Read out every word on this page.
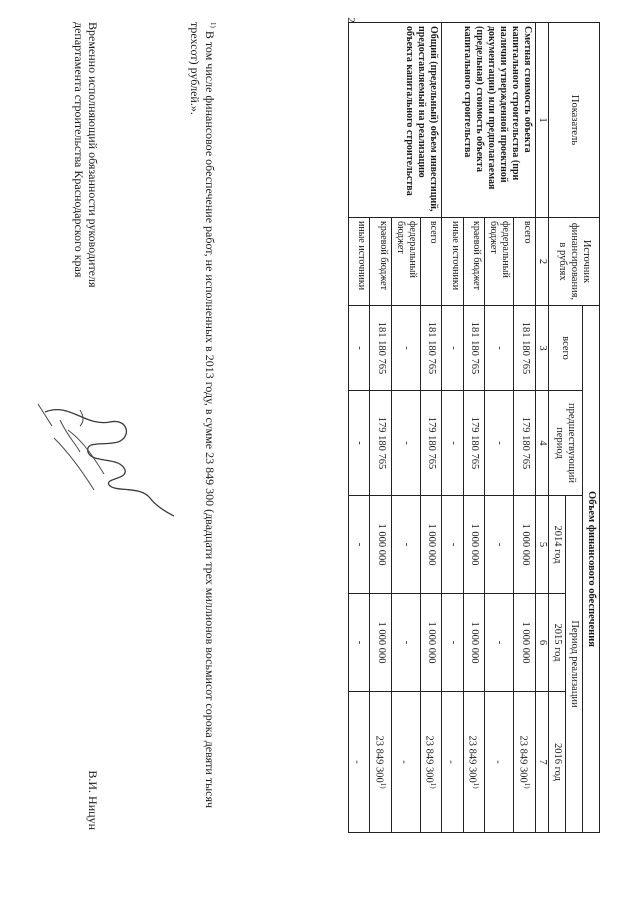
2
Показатель	Источник финансирования, в рублях	Объем финансового обеспечения				
		всего	предшествующий период	Период реализации		
				2014 год	2015 год	2016 год
1	2	3	4	5	6	7
Сметная стоимость объекта капитального строительства (при наличии утвержденной проектной документации) или предполагаемая (предельная) стоимость объекта капитального строительства	всего	181 180 765	179 180 765	1 000 000	1 000 000	23 849 300$^{1)}$
	федеральный бюджет	-	-	-	-	-
	краевой бюджет	181 180 765	179 180 765	1 000 000	1 000 000	23 849 300$^{1)}$
	иные источники	-	-	-	-	-
Общий (предельный) объем инвестиций, предоставляемый на реализацию объекта капитального строительства	всего	181 180 765	179 180 765	1 000 000	1 000 000	23 849 300$^{1)}$
	федеральный бюджет	-	-	-	-	-
	краевой бюджет	181 180 765	179 180 765	1 000 000	1 000 000	23 849 300$^{1)}$
	иные источники	-	-	-	-	-
$^{1)}$ В том числе финансовое обеспечение работ, не исполненных в 2013 году, в сумме 23 849 300 (двадцати трех миллионов восьмисот сорока девяти тысяч трехсот) рублей.».
Временно исполняющий обязанности руководителя департамента строительства Краснодарского края
В.И. Ницун
